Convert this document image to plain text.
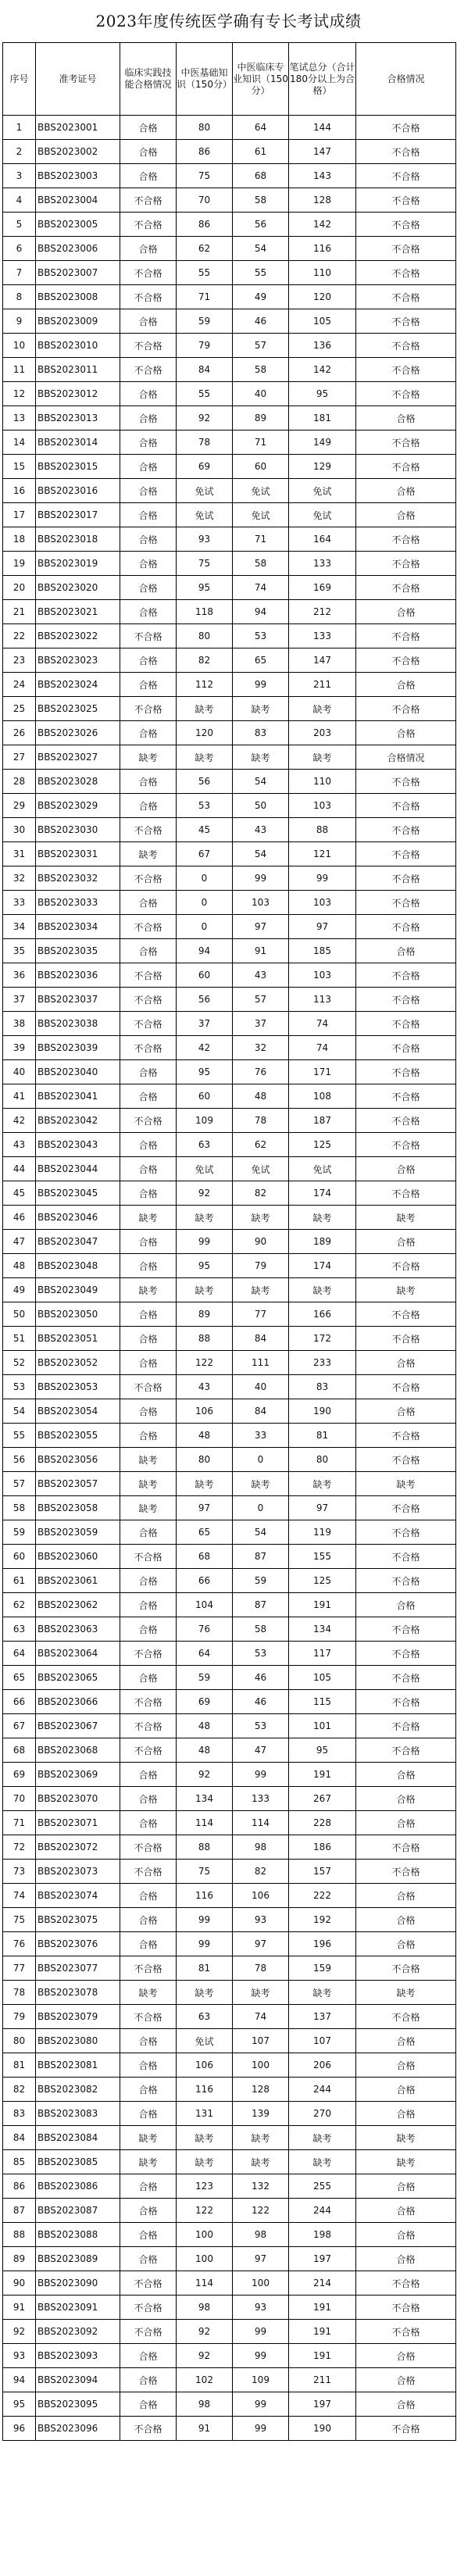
2023年度传统医学确有专长考试成绩
序号	准考证号	临床实践技能合格情况	中医基础知识（150分）	中医临床专业知识（150分）	笔试总分（合计180分以上为合格）	合格情况
1	BBS2023001	合格	80	64	144	不合格
2	BBS2023002	合格	86	61	147	不合格
3	BBS2023003	合格	75	68	143	不合格
4	BBS2023004	不合格	70	58	128	不合格
5	BBS2023005	不合格	86	56	142	不合格
6	BBS2023006	合格	62	54	116	不合格
7	BBS2023007	不合格	55	55	110	不合格
8	BBS2023008	不合格	71	49	120	不合格
9	BBS2023009	合格	59	46	105	不合格
10	BBS2023010	不合格	79	57	136	不合格
11	BBS2023011	不合格	84	58	142	不合格
12	BBS2023012	合格	55	40	95	不合格
13	BBS2023013	合格	92	89	181	合格
14	BBS2023014	合格	78	71	149	不合格
15	BBS2023015	合格	69	60	129	不合格
16	BBS2023016	合格	免试	免试	免试	合格
17	BBS2023017	合格	免试	免试	免试	合格
18	BBS2023018	合格	93	71	164	不合格
19	BBS2023019	合格	75	58	133	不合格
20	BBS2023020	合格	95	74	169	不合格
21	BBS2023021	合格	118	94	212	合格
22	BBS2023022	不合格	80	53	133	不合格
23	BBS2023023	合格	82	65	147	不合格
24	BBS2023024	合格	112	99	211	合格
25	BBS2023025	不合格	缺考	缺考	缺考	不合格
26	BBS2023026	合格	120	83	203	合格
27	BBS2023027	缺考	缺考	缺考	缺考	合格情况
28	BBS2023028	合格	56	54	110	不合格
29	BBS2023029	合格	53	50	103	不合格
30	BBS2023030	不合格	45	43	88	不合格
31	BBS2023031	缺考	67	54	121	不合格
32	BBS2023032	不合格	0	99	99	不合格
33	BBS2023033	合格	0	103	103	不合格
34	BBS2023034	不合格	0	97	97	不合格
35	BBS2023035	合格	94	91	185	合格
36	BBS2023036	不合格	60	43	103	不合格
37	BBS2023037	不合格	56	57	113	不合格
38	BBS2023038	不合格	37	37	74	不合格
39	BBS2023039	不合格	42	32	74	不合格
40	BBS2023040	合格	95	76	171	不合格
41	BBS2023041	合格	60	48	108	不合格
42	BBS2023042	不合格	109	78	187	不合格
43	BBS2023043	合格	63	62	125	不合格
44	BBS2023044	合格	免试	免试	免试	合格
45	BBS2023045	合格	92	82	174	不合格
46	BBS2023046	缺考	缺考	缺考	缺考	缺考
47	BBS2023047	合格	99	90	189	合格
48	BBS2023048	合格	95	79	174	不合格
49	BBS2023049	缺考	缺考	缺考	缺考	缺考
50	BBS2023050	合格	89	77	166	不合格
51	BBS2023051	合格	88	84	172	不合格
52	BBS2023052	合格	122	111	233	合格
53	BBS2023053	不合格	43	40	83	不合格
54	BBS2023054	合格	106	84	190	合格
55	BBS2023055	合格	48	33	81	不合格
56	BBS2023056	缺考	80	0	80	不合格
57	BBS2023057	缺考	缺考	缺考	缺考	缺考
58	BBS2023058	缺考	97	0	97	不合格
59	BBS2023059	合格	65	54	119	不合格
60	BBS2023060	不合格	68	87	155	不合格
61	BBS2023061	合格	66	59	125	不合格
62	BBS2023062	合格	104	87	191	合格
63	BBS2023063	合格	76	58	134	不合格
64	BBS2023064	不合格	64	53	117	不合格
65	BBS2023065	合格	59	46	105	不合格
66	BBS2023066	不合格	69	46	115	不合格
67	BBS2023067	不合格	48	53	101	不合格
68	BBS2023068	不合格	48	47	95	不合格
69	BBS2023069	合格	92	99	191	合格
70	BBS2023070	合格	134	133	267	合格
71	BBS2023071	合格	114	114	228	合格
72	BBS2023072	不合格	88	98	186	不合格
73	BBS2023073	不合格	75	82	157	不合格
74	BBS2023074	合格	116	106	222	合格
75	BBS2023075	合格	99	93	192	合格
76	BBS2023076	合格	99	97	196	合格
77	BBS2023077	不合格	81	78	159	不合格
78	BBS2023078	缺考	缺考	缺考	缺考	缺考
79	BBS2023079	不合格	63	74	137	不合格
80	BBS2023080	合格	免试	107	107	合格
81	BBS2023081	合格	106	100	206	合格
82	BBS2023082	合格	116	128	244	合格
83	BBS2023083	合格	131	139	270	合格
84	BBS2023084	缺考	缺考	缺考	缺考	缺考
85	BBS2023085	缺考	缺考	缺考	缺考	缺考
86	BBS2023086	合格	123	132	255	合格
87	BBS2023087	合格	122	122	244	合格
88	BBS2023088	合格	100	98	198	合格
89	BBS2023089	合格	100	97	197	合格
90	BBS2023090	不合格	114	100	214	不合格
91	BBS2023091	不合格	98	93	191	不合格
92	BBS2023092	不合格	92	99	191	不合格
93	BBS2023093	合格	92	99	191	合格
94	BBS2023094	合格	102	109	211	合格
95	BBS2023095	合格	98	99	197	合格
96	BBS2023096	不合格	91	99	190	不合格
